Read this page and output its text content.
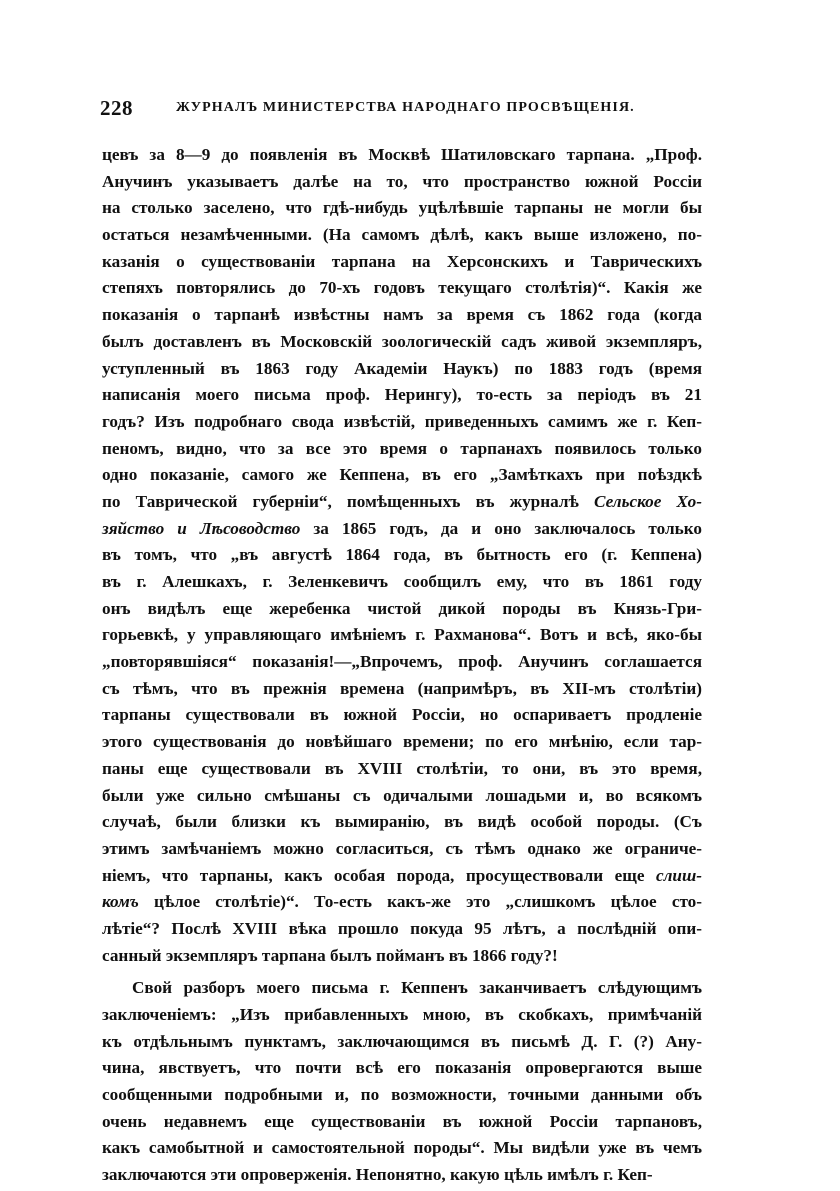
228	ЖУРНАЛЪ МИНИСТЕРСТВА НАРОДНАГО ПРОСВѢЩЕНІЯ.
цевъ за 8—9 до появленія въ Москвѣ Шатиловскаго тарпана. „Проф.
Анучинъ указываетъ далѣе на то, что пространство южной Россіи
на столько заселено, что гдѣ-нибудь уцѣлѣвшіе тарпаны не могли бы
остаться незамѣченными. (На самомъ дѣлѣ, какъ выше изложено, по-
казанія о существованіи тарпана на Херсонскихъ и Таврическихъ
степяхъ повторялись до 70-хъ годовъ текущаго столѣтія)“. Какія же
показанія о тарпанѣ извѣстны намъ за время съ 1862 года (когда
былъ доставленъ въ Московскій зоологическій садъ живой экземпляръ,
уступленный въ 1863 году Академіи Наукъ) по 1883 годъ (время
написанія моего письма проф. Нерингу), то-есть за періодъ въ 21
годъ? Изъ подробнаго свода извѣстій, приведенныхъ самимъ же г. Кеп-
пеномъ, видно, что за все это время о тарпанахъ появилось только
одно показаніе, самого же Кеппена, въ его „Замѣткахъ при поѣздкѣ
по Таврической губерніи“, помѣщенныхъ въ журналѣ Сельское Хо-
зяйство и Лѣсоводство за 1865 годъ, да и оно заключалось только
въ томъ, что „въ августѣ 1864 года, въ бытность его (г. Кеппена)
въ г. Алешкахъ, г. Зеленкевичъ сообщилъ ему, что въ 1861 году
онъ видѣлъ еще жеребенка чистой дикой породы въ Князь-Гри-
горьевкѣ, у управляющаго имѣніемъ г. Рахманова“. Вотъ и всѣ, яко-бы
„повторявшіяся“ показанія!—„Впрочемъ, проф. Анучинъ соглашается
съ тѣмъ, что въ прежнія времена (напримѣръ, въ XII-мъ столѣтіи)
тарпаны существовали въ южной Россіи, но оспариваетъ продленіе
этого существованія до новѣйшаго времени; по его мнѣнію, если тар-
паны еще существовали въ XVIII столѣтіи, то они, въ это время,
были уже сильно смѣшаны съ одичалыми лошадьми и, во всякомъ
случаѣ, были близки къ вымиранію, въ видѣ особой породы. (Съ
этимъ замѣчаніемъ можно согласиться, съ тѣмъ однако же ограниче-
ніемъ, что тарпаны, какъ особая порода, просуществовали еще слиш-
комъ цѣлое столѣтіе)“. То-есть какъ-же это „слишкомъ цѣлое сто-
лѣтіе“? Послѣ XVIII вѣка прошло покуда 95 лѣтъ, а послѣдній опи-
санный экземпляръ тарпана былъ пойманъ въ 1866 году?!
Свой разборъ моего письма г. Кеппенъ заканчиваетъ слѣдующимъ
заключеніемъ: „Изъ прибавленныхъ мною, въ скобкахъ, примѣчаній
къ отдѣльнымъ пунктамъ, заключающимся въ письмѣ Д. Г. (?) Ану-
чина, явствуетъ, что почти всѣ его показанія опровергаются выше
сообщенными подробными и, по возможности, точными данными объ
очень недавнемъ еще существованіи въ южной Россіи тарпановъ,
какъ самобытной и самостоятельной породы“. Мы видѣли уже въ чемъ
заключаются эти опроверженія. Непонятно, какую цѣль имѣлъ г. Кеп-
